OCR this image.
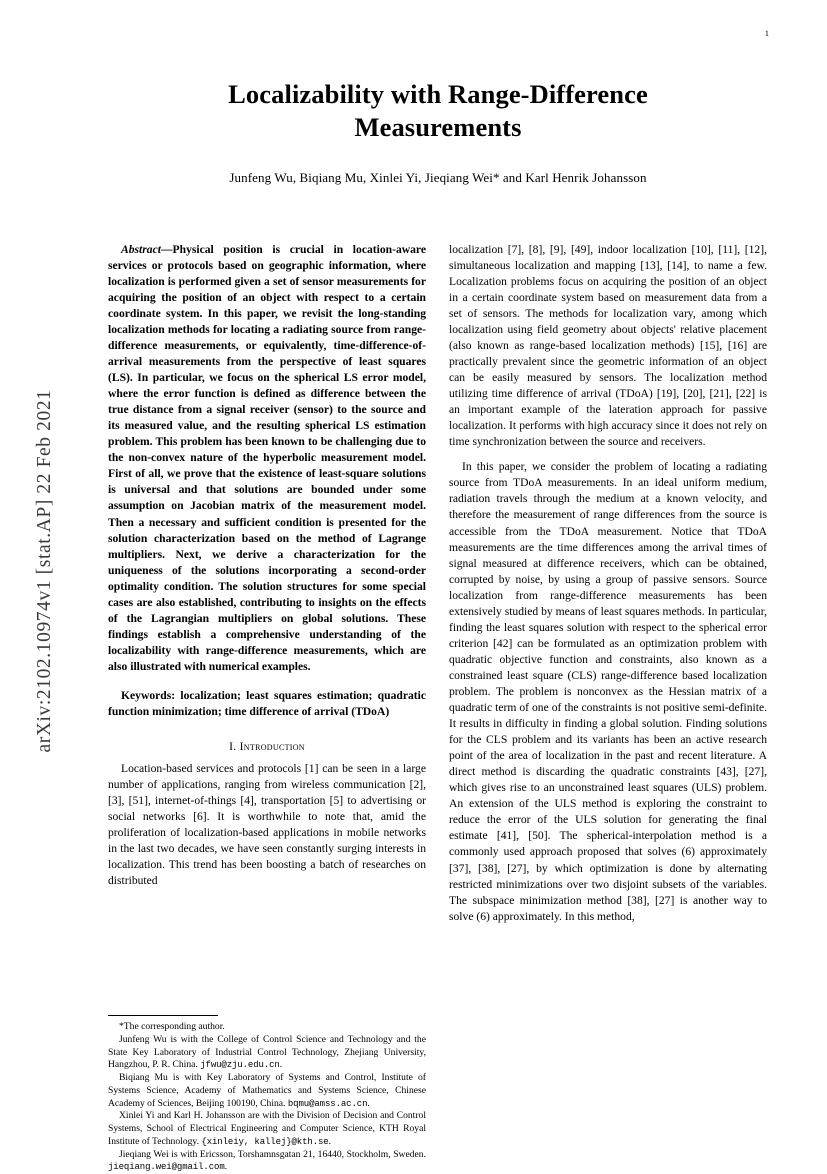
arXiv:2102.10974v1 [stat.AP] 22 Feb 2021
1
Localizability with Range-Difference Measurements
Junfeng Wu, Biqiang Mu, Xinlei Yi, Jieqiang Wei* and Karl Henrik Johansson

Abstract—Physical position is crucial in location-aware services or protocols based on geographic information, where localization is performed given a set of sensor measurements for acquiring the position of an object with respect to a certain coordinate system. In this paper, we revisit the long-standing localization methods for locating a radiating source from range-difference measurements, or equivalently, time-difference-of-arrival measurements from the perspective of least squares (LS). In particular, we focus on the spherical LS error model, where the error function is defined as difference between the true distance from a signal receiver (sensor) to the source and its measured value, and the resulting spherical LS estimation problem. This problem has been known to be challenging due to the non-convex nature of the hyperbolic measurement model. First of all, we prove that the existence of least-square solutions is universal and that solutions are bounded under some assumption on Jacobian matrix of the measurement model. Then a necessary and sufficient condition is presented for the solution characterization based on the method of Lagrange multipliers. Next, we derive a characterization for the uniqueness of the solutions incorporating a second-order optimality condition. The solution structures for some special cases are also established, contributing to insights on the effects of the Lagrangian multipliers on global solutions. These findings establish a comprehensive understanding of the localizability with range-difference measurements, which are also illustrated with numerical examples.

Keywords: localization; least squares estimation; quadratic function minimization; time difference of arrival (TDoA)

I. Introduction

Location-based services and protocols [1] can be seen in a large number of applications, ranging from wireless communication [2], [3], [51], internet-of-things [4], transportation [5] to advertising or social networks [6]. It is worthwhile to note that, amid the proliferation of localization-based applications in mobile networks in the last two decades, we have seen constantly surging interests in localization. This trend has been boosting a batch of researches on distributed

*The corresponding author.

Junfeng Wu is with the College of Control Science and Technology and the State Key Laboratory of Industrial Control Technology, Zhejiang University, Hangzhou, P. R. China. jfwu@zju.edu.cn.

Biqiang Mu is with Key Laboratory of Systems and Control, Institute of Systems Science, Academy of Mathematics and Systems Science, Chinese Academy of Sciences, Beijing 100190, China. bqmu@amss.ac.cn.

Xinlei Yi and Karl H. Johansson are with the Division of Decision and Control Systems, School of Electrical Engineering and Computer Science, KTH Royal Institute of Technology. {xinleiy, kallej}@kth.se.

Jieqiang Wei is with Ericsson, Torshamnsgatan 21, 16440, Stockholm, Sweden. jieqiang.wei@gmail.com.

localization [7], [8], [9], [49], indoor localization [10], [11], [12], simultaneous localization and mapping [13], [14], to name a few. Localization problems focus on acquiring the position of an object in a certain coordinate system based on measurement data from a set of sensors. The methods for localization vary, among which localization using field geometry about objects' relative placement (also known as range-based localization methods) [15], [16] are practically prevalent since the geometric information of an object can be easily measured by sensors. The localization method utilizing time difference of arrival (TDoA) [19], [20], [21], [22] is an important example of the lateration approach for passive localization. It performs with high accuracy since it does not rely on time synchronization between the source and receivers.

In this paper, we consider the problem of locating a radiating source from TDoA measurements. In an ideal uniform medium, radiation travels through the medium at a known velocity, and therefore the measurement of range differences from the source is accessible from the TDoA measurement. Notice that TDoA measurements are the time differences among the arrival times of signal measured at difference receivers, which can be obtained, corrupted by noise, by using a group of passive sensors. Source localization from range-difference measurements has been extensively studied by means of least squares methods. In particular, finding the least squares solution with respect to the spherical error criterion [42] can be formulated as an optimization problem with quadratic objective function and constraints, also known as a constrained least square (CLS) range-difference based localization problem. The problem is nonconvex as the Hessian matrix of a quadratic term of one of the constraints is not positive semi-definite. It results in difficulty in finding a global solution. Finding solutions for the CLS problem and its variants has been an active research point of the area of localization in the past and recent literature. A direct method is discarding the quadratic constraints [43], [27], which gives rise to an unconstrained least squares (ULS) problem. An extension of the ULS method is exploring the constraint to reduce the error of the ULS solution for generating the final estimate [41], [50]. The spherical-interpolation method is a commonly used approach proposed that solves (6) approximately [37], [38], [27], by which optimization is done by alternating restricted minimizations over two disjoint subsets of the variables. The subspace minimization method [38], [27] is another way to solve (6) approximately. In this method,
